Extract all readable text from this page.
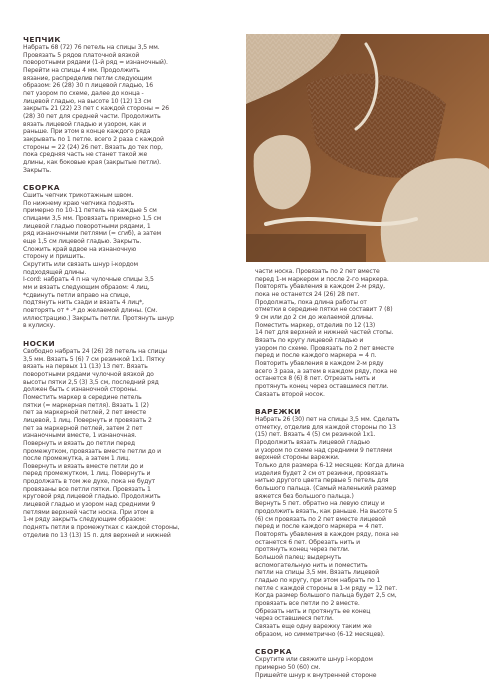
ЧЕПЧИК

Набрать 68 (72) 76 петель на спицы 3,5 мм.

Провязать 5 рядов платочной вязкой

поворотными рядами (1-й ряд = изнаночный).

Перейти на спицы 4 мм. Продолжить

вязание, распределив петли следующим

образом: 26 (28) 30 п лицевой гладью, 16

пет узором по схеме, далее до конца -

лицевой гладью, на высоте 10 (12) 13 см

закрыть 21 (22) 23 пет с каждой стороны = 26

(28) 30 пет для средней части. Продолжить

вязать лицевой гладью и узором, как и

раньше. При этом в конце каждого ряда

закрывать по 1 петле. всего 2 раза с каждой

стороны = 22 (24) 26 пет. Вязать до тех пор,

пока средняя часть не станет такой же

длины, как боковые края (закрытые петли).

Закрыть.

СБОРКА

Сшить чепчик трикотажным швом.

По нижнему краю чепчика поднять

примерно по 10-11 петель на каждые 5 см

спицами 3,5 мм. Провязать примерно 1,5 см

лицевой гладью поворотными рядами, 1

ряд изнаночными петлями (= сгиб), а затем

еще 1,5 см лицевой гладью. Закрыть.

Сложить край вдвое на изнаночную

сторону и пришить.

Скрутить или связать шнур i-кордом

подходящей длины.

I-cord: набрать 4 п на чулочные спицы 3,5

мм и вязать следующим образом: 4 лиц,

*сдвинуть петли вправо на спице,

подтянуть нить сзади и вязать 4 лиц*,

повторять от * -* до желаемой длины. (См.

иллюстрацию.) Закрыть петли. Протянуть шнур

в кулиску.

НОСКИ

Свободно набрать 24 (26) 28 петель на спицы

3,5 мм. Вязать 5 (6) 7 см резинкой 1х1. Пятку

вязать на первых 11 (13) 13 пет. Вязать

поворотными рядами чулочной вязкой до

высоты пятки 2,5 (3) 3,5 см, последний ряд

должен быть с изнаночной стороны.

Поместить маркер в середине петель

пятки (= маркерная петля). Вязать 1 (2)

пет за маркерной петлей, 2 пет вместе

лицевой, 1 лиц. Повернуть и провязать 2

пет за маркерной петлей, затем 2 пет

изнаночными вместе, 1 изнаночная.

Повернуть и вязать до петли перед

промежутком, провязать вместе петли до и

после промежутка, а затем 1 лиц.

Повернуть и вязать вместе петли до и

перед промежутком, 1 лиц. Повернуть и

продолжать в том же духе, пока не будут

провязаны все петли пятки. Провязать 1

круговой ряд лицевой гладью. Продолжить

лицевой гладью и узором над средними 9

петлями верхней части носка. При этом в

1-м ряду закрыть следующим образом:

поднять петли в промежутках с каждой стороны,

отделив по 13 (13) 15 п. для верхней и нижней

части носка. Провязать по 2 пет вместе

перед 1-м маркером и после 2-го маркера.

Повторять убавления в каждом 2-м ряду,

пока не останется 24 (26) 28 пет.

Продолжать, пока длина работы от

отметки в середине пятки не составит 7 (8)

9 см или до 2 см до желаемой длины.

Поместить маркер, отделив по 12 (13)

14 пет для верхней и нижней частей стопы.

Вязать по кругу лицевой гладью и

узором по схеме. Провязать по 2 пет вместе

перед и после каждого маркера = 4 п.

Повторить убавления в каждом 2-м ряду

всего 3 раза, а затем в каждом ряду, пока не

останется 8 (6) 8 пет. Отрезать нить и

протянуть конец через оставшиеся петли.

Связать второй носок.

ВАРЕЖКИ

Набрать 26 (30) пет на спицы 3,5 мм. Сделать

отметку, отделив для каждой стороны по 13

(15) пет. Вязать 4 (5) см резинкой 1х1.

Продолжить вязать лицевой гладью

и узором по схеме над средними 9 петлями

верхней стороны варежки.

Только для размера 6-12 месяцев: Когда длина

изделия будет 2 см от резинки, провязать

нитью другого цвета первые 5 петель для

большого пальца. (Самый маленький размер

вяжется без большого пальца.)

Вернуть 5 пет. обратно на левую спицу и

продолжить вязать, как раньше. На высоте 5

(6) см провязать по 2 пет вместе лицевой

перед и после каждого маркера = 4 пет.

Повторять убавления в каждом ряду, пока не

останется 6 пет. Обрезать нить и

протянуть конец через петли.

Большой палец: выдернуть

вспомогательную нить и поместить

петли на спицы 3,5 мм. Вязать лицевой

гладью по кругу, при этом набрать по 1

петле с каждой стороны в 1-м ряду = 12 пет.

Когда размер большого пальца будет 2,5 см,

провязать все петли по 2 вместе.

Обрезать нить и протянуть ее конец

через оставшиеся петли.

Связать еще одну варежку таким же

образом, но симметрично (6-12 месяцев).

СБОРКА

Скрутите или свяжите шнур i-кордом

примерно 50 (60) см.

Пришейте шнур к внутренней стороне
